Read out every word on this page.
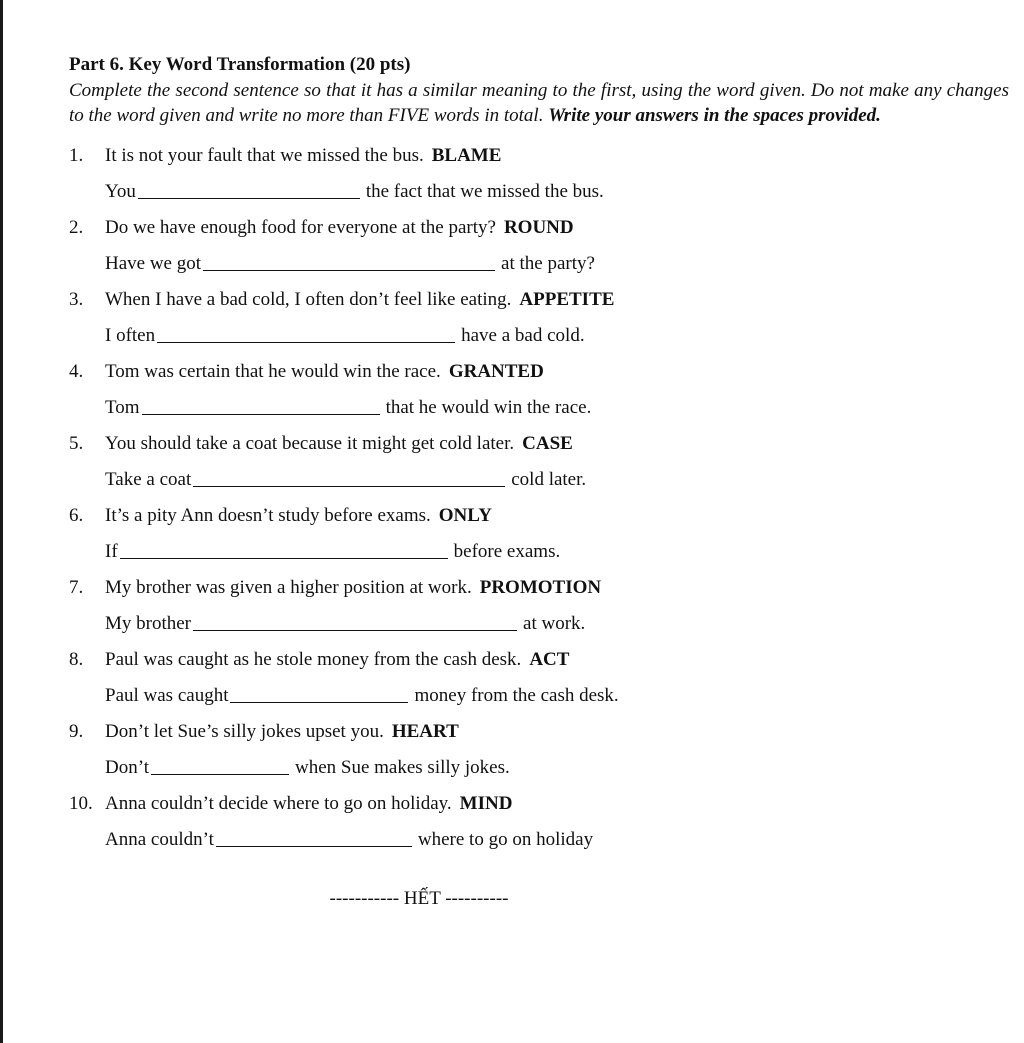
Part 6. Key Word Transformation (20 pts)

Complete the second sentence so that it has a similar meaning to the first, using the word given. Do not make any changes to the word given and write no more than FIVE words in total. Write your answers in the spaces provided.

1. It is not your fault that we missed the bus. BLAME
You	the fact that we missed the bus.
2. Do we have enough food for everyone at the party? ROUND
Have we got	at the party?
3. When I have a bad cold, I often don’t feel like eating. APPETITE
I often	have a bad cold.
4. Tom was certain that he would win the race. GRANTED
Tom	that he would win the race.
5. You should take a coat because it might get cold later. CASE
Take a coat	cold later.
6. It’s a pity Ann doesn’t study before exams. ONLY
If	before exams.
7. My brother was given a higher position at work. PROMOTION
My brother	at work.
8. Paul was caught as he stole money from the cash desk. ACT
Paul was caught	money from the cash desk.
9. Don’t let Sue’s silly jokes upset you. HEART
Don’t	when Sue makes silly jokes.
10. Anna couldn’t decide where to go on holiday. MIND
Anna couldn’t	where to go on holiday
----------- HẾT ----------
